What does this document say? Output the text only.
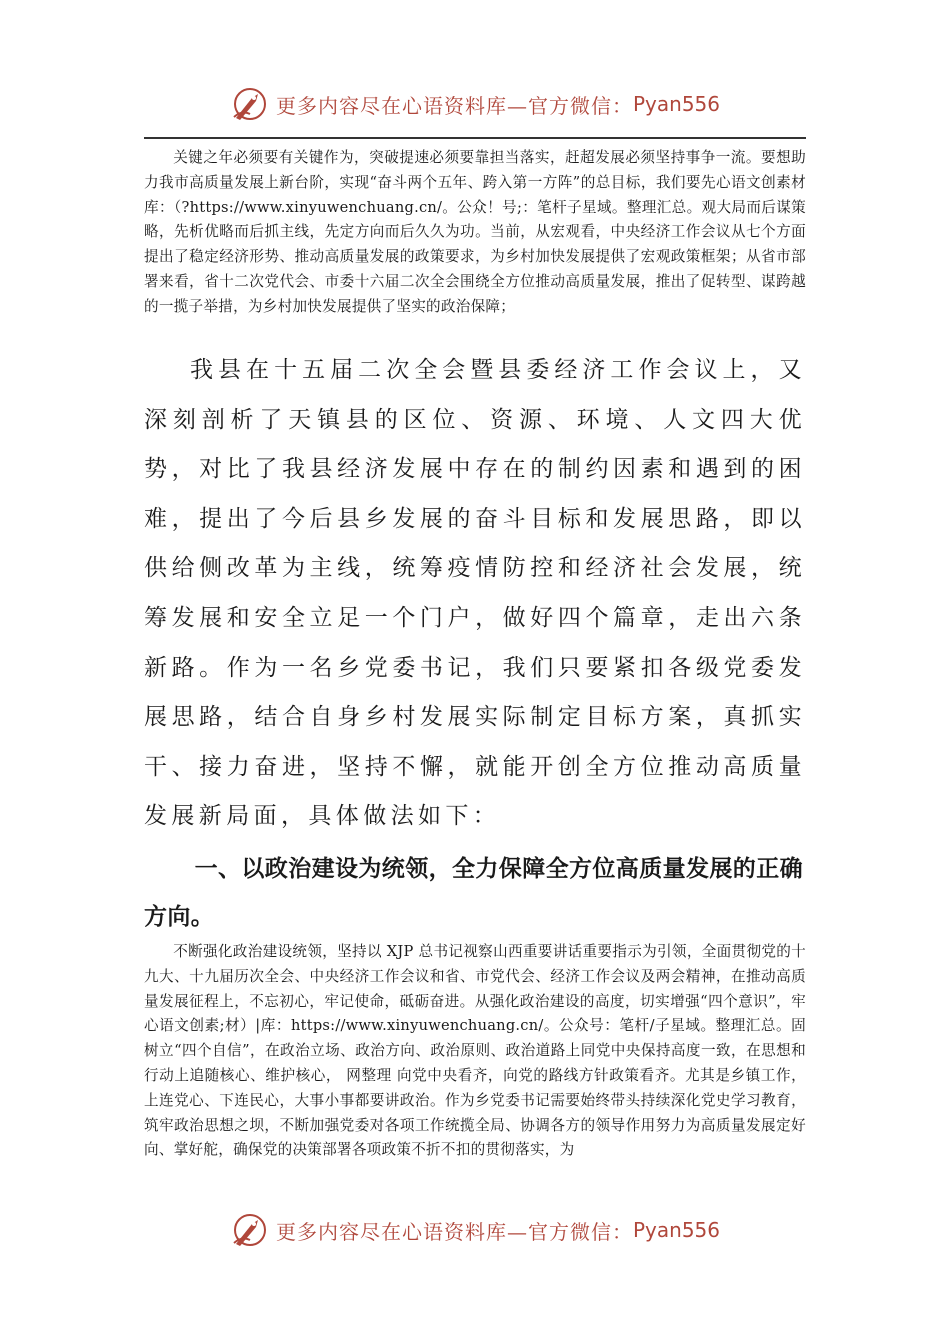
更多内容尽在心语资料库—官方微信： Pyan556

关键之年必须要有关键作为，突破提速必须要靠担当落实，赶超发展必须坚持事争一流。要想助力我市高质量发展上新台阶，实现“奋斗两个五年、跨入第一方阵”的总目标，我们要先心语文创素材库：（?https://www.xinyuwenchuang.cn/。公众！号;：笔杆子星域。整理汇总。观大局而后谋策略，先析优略而后抓主线，先定方向而后久久为功。当前，从宏观看，中央经济工作会议从七个方面提出了稳定经济形势、推动高质量发展的政策要求，为乡村加快发展提供了宏观政策框架；从省市部署来看，省十二次党代会、市委十六届二次全会围绕全方位推动高质量发展，推出了促转型、谋跨越的一揽子举措，为乡村加快发展提供了坚实的政治保障；

我县在十五届二次全会暨县委经济工作会议上，又深刻剖析了天镇县的区位、资源、环境、人文四大优势，对比了我县经济发展中存在的制约因素和遇到的困难，提出了今后县乡发展的奋斗目标和发展思路，即以供给侧改革为主线，统筹疫情防控和经济社会发展，统筹发展和安全立足一个门户，做好四个篇章，走出六条新路。作为一名乡党委书记，我们只要紧扣各级党委发展思路，结合自身乡村发展实际制定目标方案，真抓实干、接力奋进，坚持不懈，就能开创全方位推动高质量发展新局面，具体做法如下：

一、以政治建设为统领，全力保障全方位高质量发展的正确方向。

不断强化政治建设统领，坚持以 XJP 总书记视察山西重要讲话重要指示为引领，全面贯彻党的十九大、十九届历次全会、中央经济工作会议和省、市党代会、经济工作会议及两会精神，在推动高质量发展征程上，不忘初心，牢记使命，砥砺奋进。从强化政治建设的高度，切实增强“四个意识”，牢心语文创素;材）|库：https://www.xinyuwenchuang.cn/。公众号：笔杆/子星域。整理汇总。固树立“四个自信”，在政治立场、政治方向、政治原则、政治道路上同党中央保持高度一致，在思想和行动上追随核心、维护核心， 网整理 向党中央看齐，向党的路线方针政策看齐。尤其是乡镇工作，上连党心、下连民心，大事小事都要讲政治。作为乡党委书记需要始终带头持续深化党史学习教育，筑牢政治思想之坝，不断加强党委对各项工作统揽全局、协调各方的领导作用努力为高质量发展定好向、掌好舵，确保党的决策部署各项政策不折不扣的贯彻落实，为

更多内容尽在心语资料库—官方微信： Pyan556
